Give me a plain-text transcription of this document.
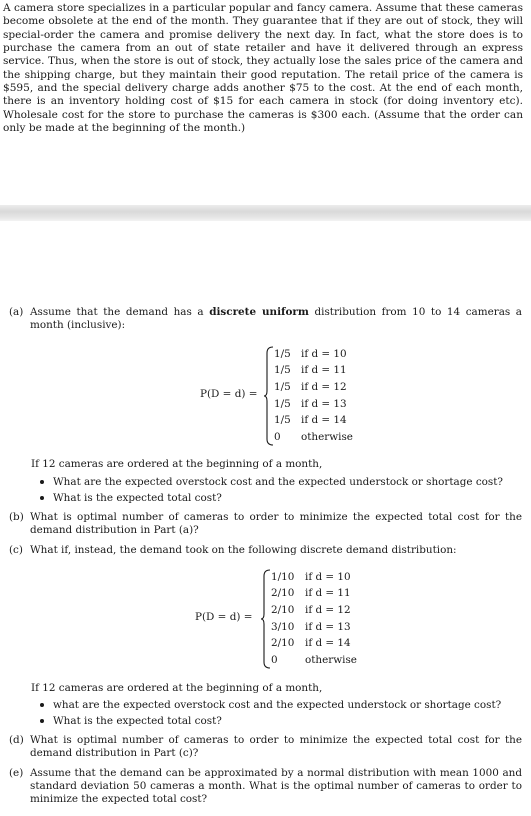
A camera store specializes in a particular popular and fancy camera. Assume that these cameras become obsolete at the end of the month. They guarantee that if they are out of stock, they will special-order the camera and promise delivery the next day. In fact, what the store does is to purchase the camera from an out of state retailer and have it delivered through an express service. Thus, when the store is out of stock, they actually lose the sales price of the camera and the shipping charge, but they maintain their good reputation. The retail price of the camera is $595, and the special delivery charge adds another $75 to the cost. At the end of each month, there is an inventory holding cost of $15 for each camera in stock (for doing inventory etc). Wholesale cost for the store to purchase the cameras is $300 each. (Assume that the order can only be made at the beginning of the month.)

(a) Assume that the demand has a discrete uniform distribution from 10 to 14 cameras a month (inclusive):
P(D = d) =
1/5 if d = 10
1/5 if d = 11
1/5 if d = 12
1/5 if d = 13
1/5 if d = 14
0 otherwise

If 12 cameras are ordered at the beginning of a month,

What are the expected overstock cost and the expected understock or shortage cost?
What is the expected total cost?
(b) What is optimal number of cameras to order to minimize the expected total cost for the demand distribution in Part (a)?
(c) What if, instead, the demand took on the following discrete demand distribution:
P(D = d) =
1/10 if d = 10
2/10 if d = 11
2/10 if d = 12
3/10 if d = 13
2/10 if d = 14
0	otherwise

If 12 cameras are ordered at the beginning of a month,

what are the expected overstock cost and the expected understock or shortage cost?
What is the expected total cost?
(d) What is optimal number of cameras to order to minimize the expected total cost for the demand distribution in Part (c)?
(e) Assume that the demand can be approximated by a normal distribution with mean 1000 and standard deviation 50 cameras a month. What is the optimal number of cameras to order to minimize the expected total cost?
